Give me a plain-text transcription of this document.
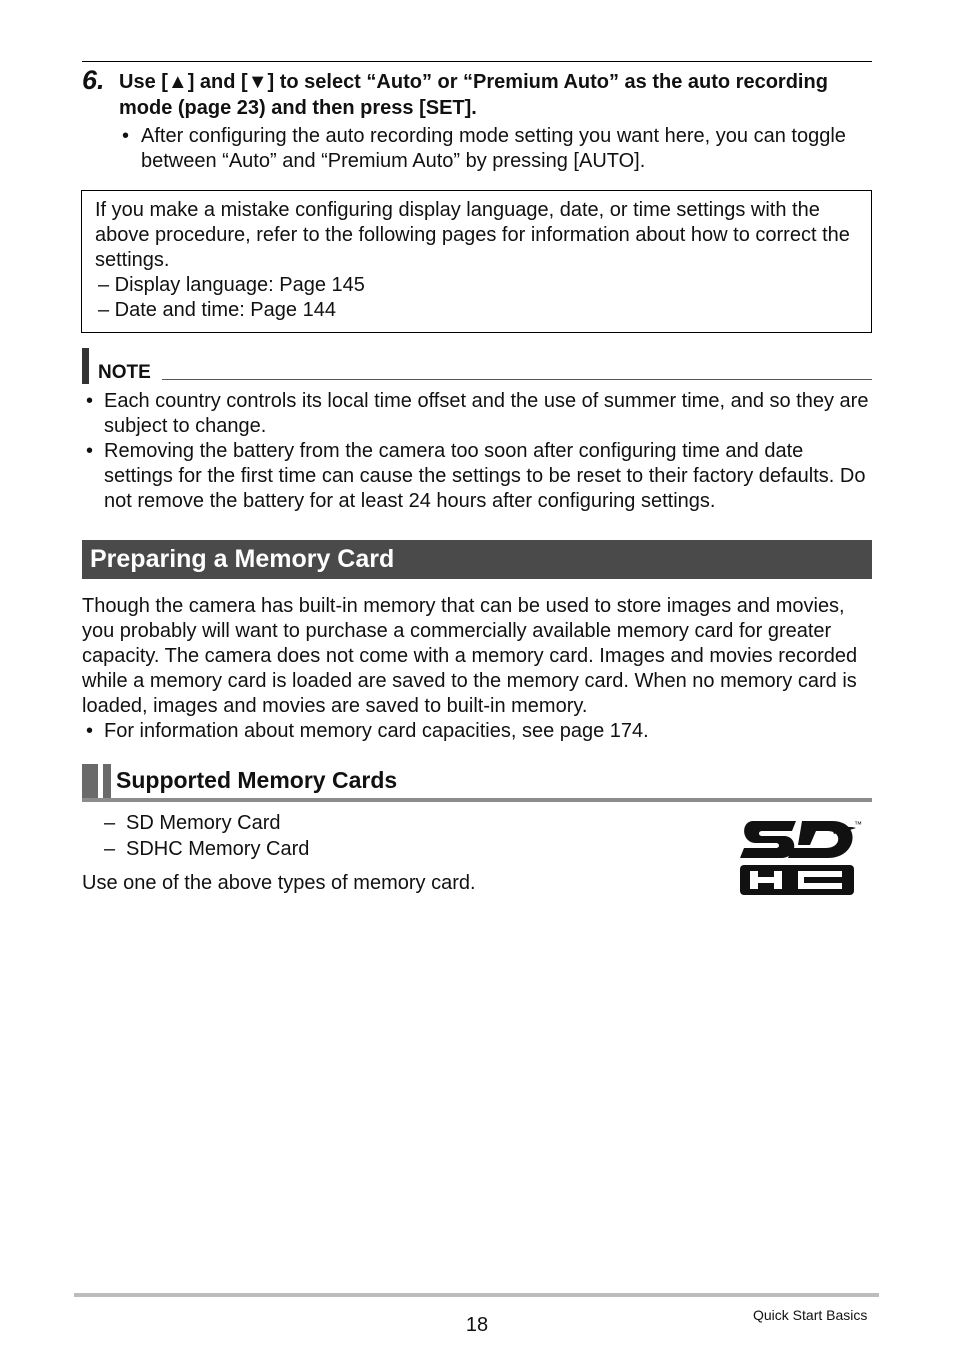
6. Use [▲] and [▼] to select “Auto” or “Premium Auto” as the auto recording mode (page 23) and then press [SET].
• After configuring the auto recording mode setting you want here, you can toggle between “Auto” and “Premium Auto” by pressing [AUTO].
If you make a mistake configuring display language, date, or time settings with the above procedure, refer to the following pages for information about how to correct the settings.
– Display language: Page 145
– Date and time: Page 144
NOTE
• Each country controls its local time offset and the use of summer time, and so they are subject to change.
• Removing the battery from the camera too soon after configuring time and date settings for the first time can cause the settings to be reset to their factory defaults. Do not remove the battery for at least 24 hours after configuring settings.
Preparing a Memory Card
Though the camera has built-in memory that can be used to store images and movies, you probably will want to purchase a commercially available memory card for greater capacity. The camera does not come with a memory card. Images and movies recorded while a memory card is loaded are saved to the memory card. When no memory card is loaded, images and movies are saved to built-in memory.
• For information about memory card capacities, see page 174.
Supported Memory Cards
– SD Memory Card
– SDHC Memory Card
Use one of the above types of memory card.
™
18	Quick Start Basics
